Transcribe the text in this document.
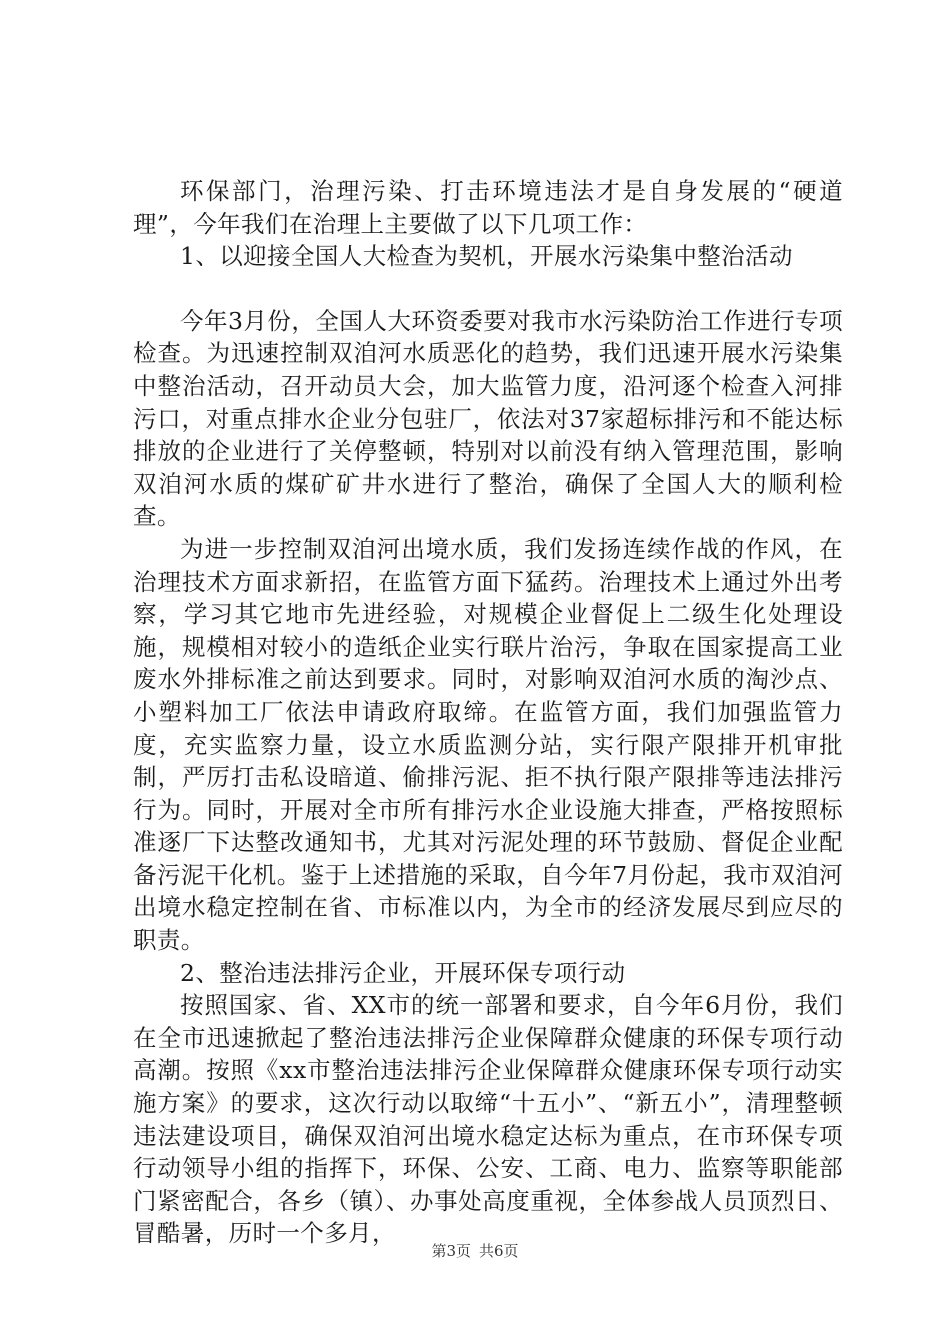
环保部门，治理污染、打击环境违法才是自身发展的“硬道理”，今年我们在治理上主要做了以下几项工作：

1、以迎接全国人大检查为契机，开展水污染集中整治活动

今年3月份，全国人大环资委要对我市水污染防治工作进行专项检查。为迅速控制双洎河水质恶化的趋势，我们迅速开展水污染集中整治活动，召开动员大会，加大监管力度，沿河逐个检查入河排污口，对重点排水企业分包驻厂，依法对37家超标排污和不能达标排放的企业进行了关停整顿，特别对以前没有纳入管理范围，影响双洎河水质的煤矿矿井水进行了整治，确保了全国人大的顺利检查。

为进一步控制双洎河出境水质，我们发扬连续作战的作风，在治理技术方面求新招，在监管方面下猛药。治理技术上通过外出考察，学习其它地市先进经验，对规模企业督促上二级生化处理设施，规模相对较小的造纸企业实行联片治污，争取在国家提高工业废水外排标准之前达到要求。同时，对影响双洎河水质的淘沙点、小塑料加工厂依法申请政府取缔。在监管方面，我们加强监管力度，充实监察力量，设立水质监测分站，实行限产限排开机审批制，严厉打击私设暗道、偷排污泥、拒不执行限产限排等违法排污行为。同时，开展对全市所有排污水企业设施大排查，严格按照标准逐厂下达整改通知书，尤其对污泥处理的环节鼓励、督促企业配备污泥干化机。鉴于上述措施的采取，自今年7月份起，我市双洎河出境水稳定控制在省、市标准以内，为全市的经济发展尽到应尽的职责。

2、整治违法排污企业，开展环保专项行动

按照国家、省、XX市的统一部署和要求，自今年6月份，我们在全市迅速掀起了整治违法排污企业保障群众健康的环保专项行动高潮。按照《xx市整治违法排污企业保障群众健康环保专项行动实施方案》的要求，这次行动以取缔“十五小”、“新五小”，清理整顿违法建设项目，确保双洎河出境水稳定达标为重点，在市环保专项行动领导小组的指挥下，环保、公安、工商、电力、监察等职能部门紧密配合，各乡（镇）、办事处高度重视，全体参战人员顶烈日、冒酷暑，历时一个多月，

第3页 共6页
